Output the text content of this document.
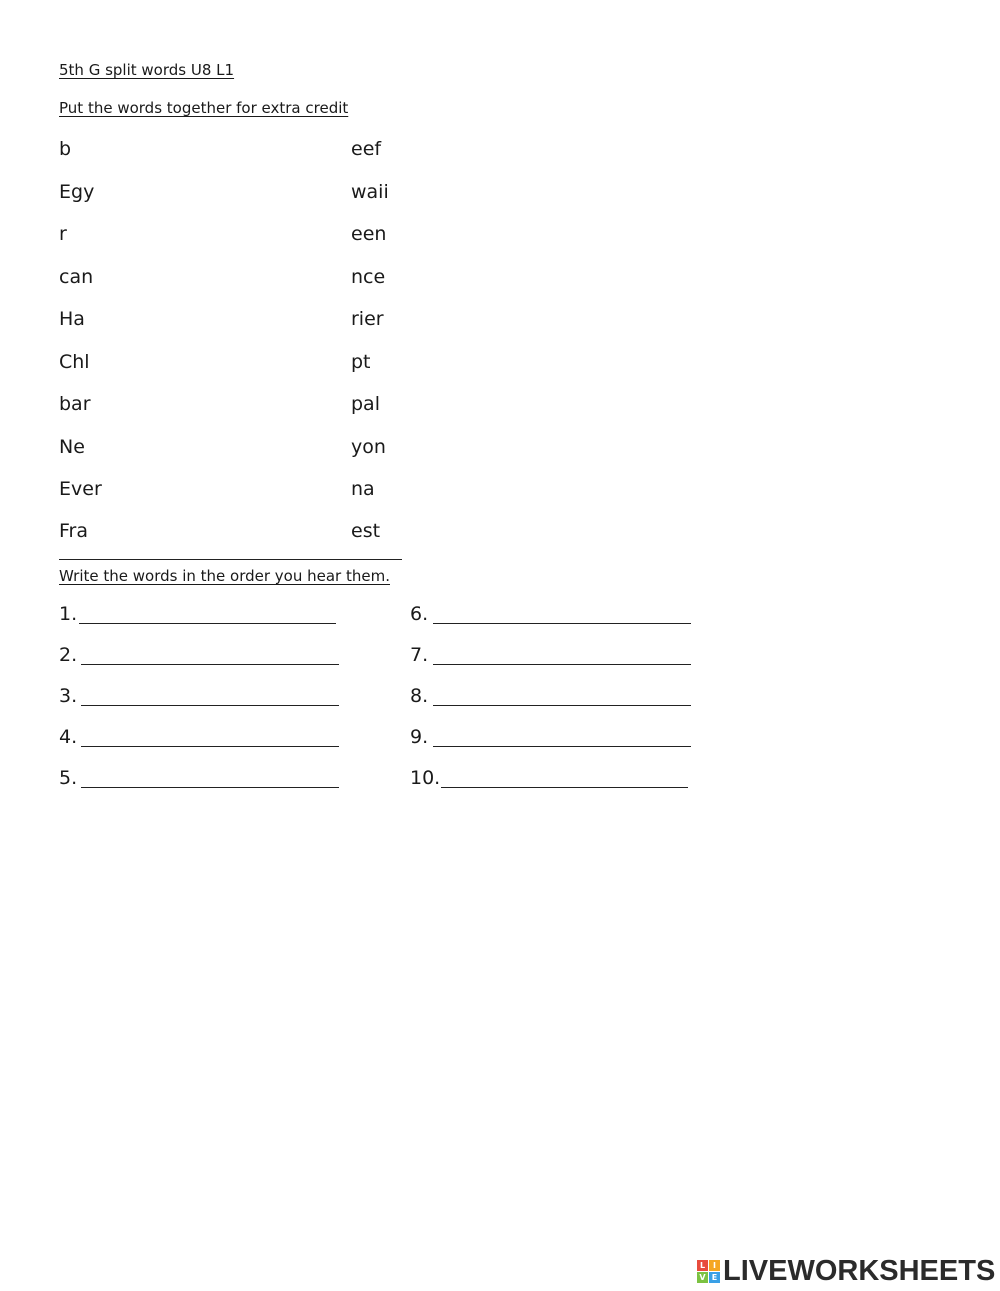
5th G split words U8 L1
Put the words together for extra credit
b	eef
Egy	waii
r	een
can	nce
Ha	rier
Chl	pt
bar	pal
Ne	yon
Ever	na
Fra	est
Write the words in the order you hear them.
1.
2.
3.
4.
5.
6.
7.
8.
9.
10.
L I
V E LIVEWORKSHEETS
